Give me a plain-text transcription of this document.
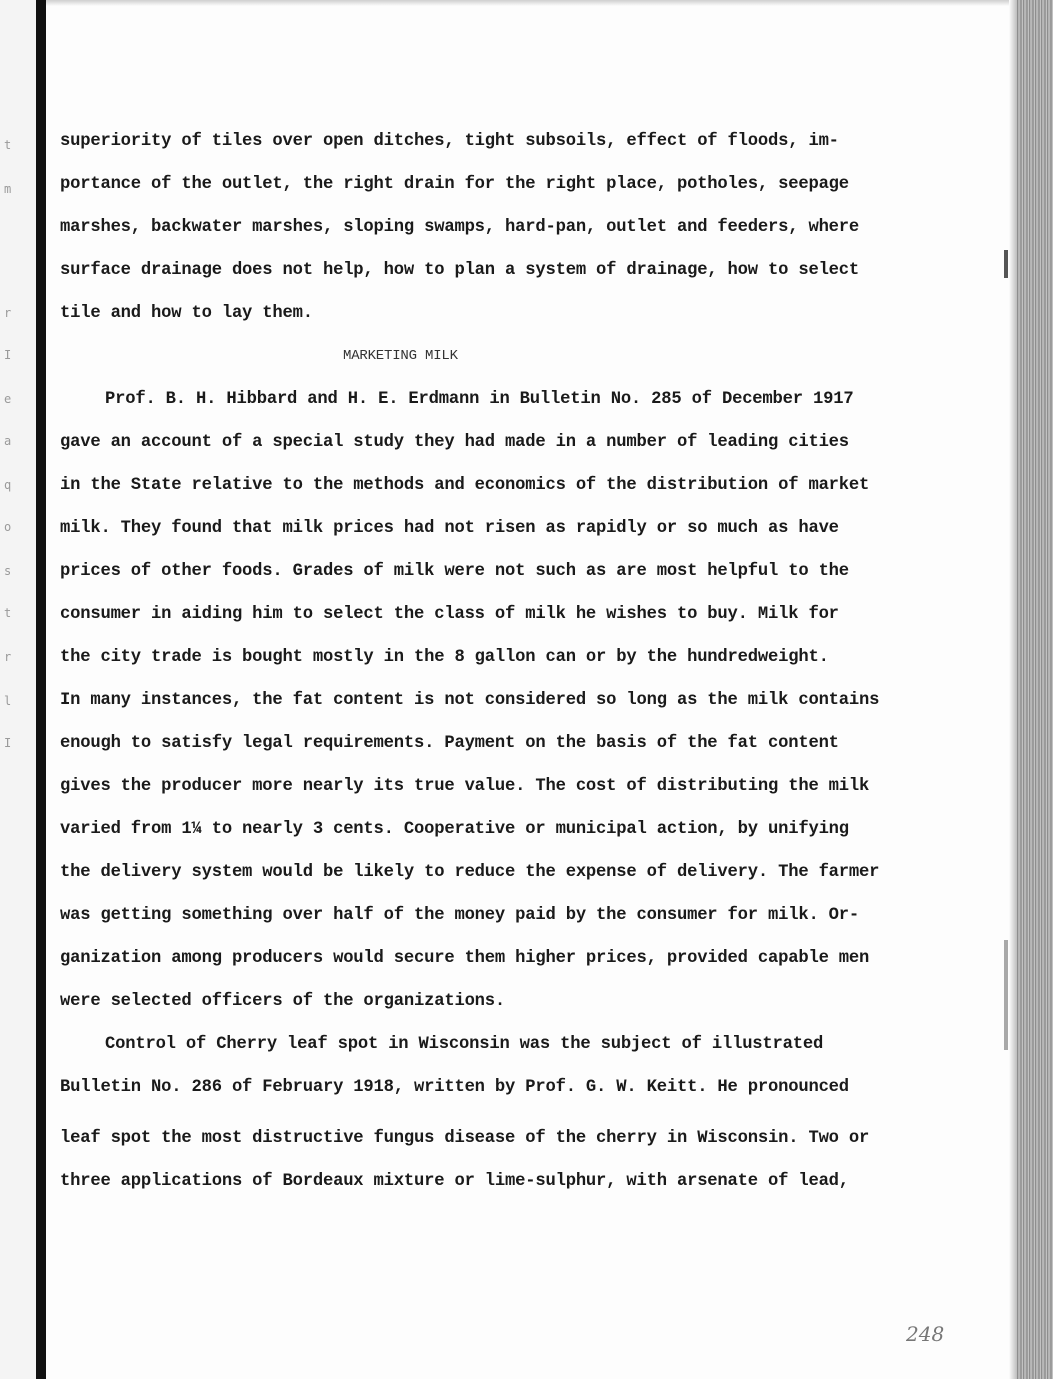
t
m
r
I
e
a
q
o
s
t
r
l
I
superiority of tiles over open ditches, tight subsoils, effect of floods, im-
portance of the outlet, the right drain for the right place, potholes, seepage
marshes, backwater marshes, sloping swamps, hard-pan, outlet and feeders, where
surface drainage does not help, how to plan a system of drainage, how to select
tile and how to lay them.
MARKETING MILK
Prof. B. H. Hibbard and H. E. Erdmann in Bulletin No. 285 of December 1917
gave an account of a special study they had made in a number of leading cities
in the State relative to the methods and economics of the distribution of market
milk. They found that milk prices had not risen as rapidly or so much as have
prices of other foods. Grades of milk were not such as are most helpful to the
consumer in aiding him to select the class of milk he wishes to buy. Milk for
the city trade is bought mostly in the 8 gallon can or by the hundredweight.
In many instances, the fat content is not considered so long as the milk contains
enough to satisfy legal requirements. Payment on the basis of the fat content
gives the producer more nearly its true value. The cost of distributing the milk
varied from 1¼ to nearly 3 cents. Cooperative or municipal action, by unifying
the delivery system would be likely to reduce the expense of delivery. The farmer
was getting something over half of the money paid by the consumer for milk. Or-
ganization among producers would secure them higher prices, provided capable men
were selected officers of the organizations.
Control of Cherry leaf spot in Wisconsin was the subject of illustrated
Bulletin No. 286 of February 1918, written by Prof. G. W. Keitt. He pronounced
leaf spot the most distructive fungus disease of the cherry in Wisconsin. Two or
three applications of Bordeaux mixture or lime-sulphur, with arsenate of lead,
248
